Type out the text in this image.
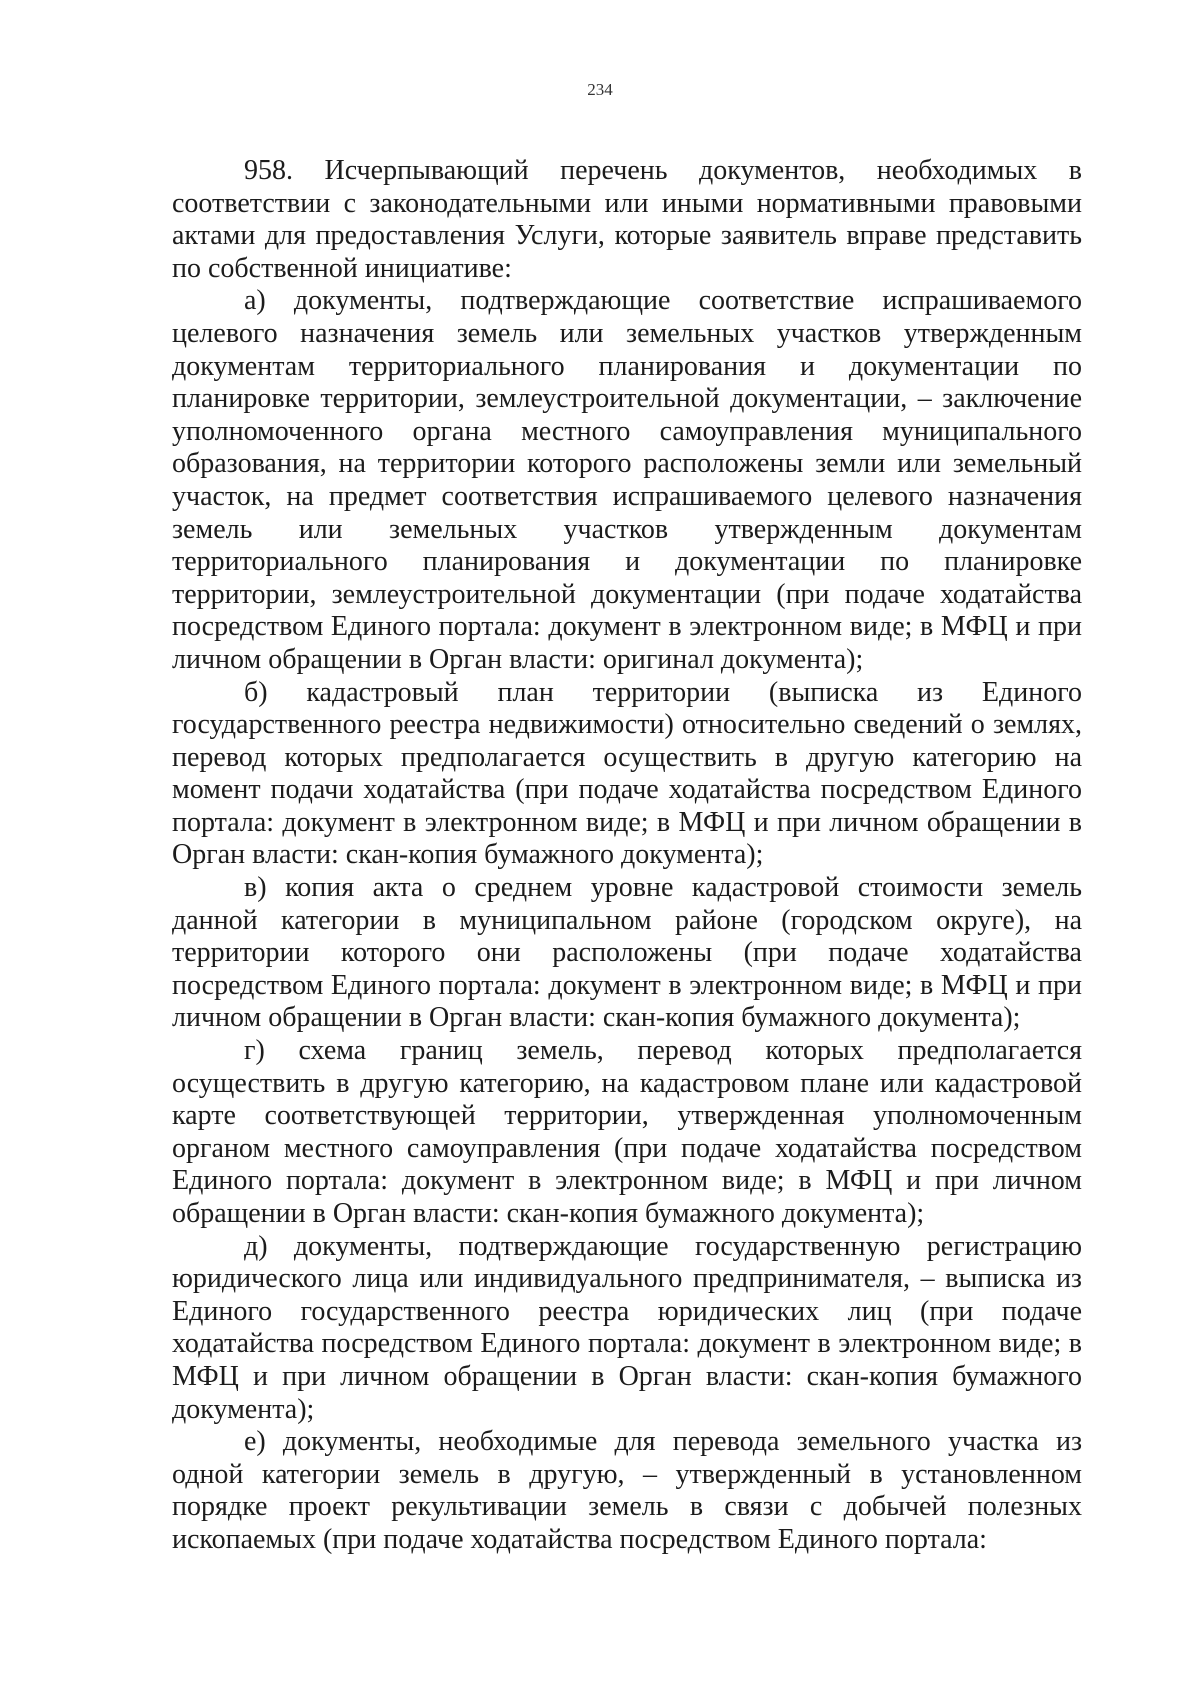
234

958. Исчерпывающий перечень документов, необходимых в соответствии с законодательными или иными нормативными правовыми актами для предоставления Услуги, которые заявитель вправе представить по собственной инициативе:

а) документы, подтверждающие соответствие испрашиваемого целевого назначения земель или земельных участков утвержденным документам территориального планирования и документации по планировке территории, землеустроительной документации, – заключение уполномоченного органа местного самоуправления муниципального образования, на территории которого расположены земли или земельный участок, на предмет соответствия испрашиваемого целевого назначения земель или земельных участков утвержденным документам территориального планирования и документации по планировке территории, землеустроительной документации (при подаче ходатайства посредством Единого портала: документ в электронном виде; в МФЦ и при личном обращении в Орган власти: оригинал документа);

б) кадастровый план территории (выписка из Единого государственного реестра недвижимости) относительно сведений о землях, перевод которых предполагается осуществить в другую категорию на момент подачи ходатайства (при подаче ходатайства посредством Единого портала: документ в электронном виде; в МФЦ и при личном обращении в Орган власти: скан-копия бумажного документа);

в) копия акта о среднем уровне кадастровой стоимости земель данной категории в муниципальном районе (городском округе), на территории которого они расположены (при подаче ходатайства посредством Единого портала: документ в электронном виде; в МФЦ и при личном обращении в Орган власти: скан-копия бумажного документа);

г) схема границ земель, перевод которых предполагается осуществить в другую категорию, на кадастровом плане или кадастровой карте соответствующей территории, утвержденная уполномоченным органом местного самоуправления (при подаче ходатайства посредством Единого портала: документ в электронном виде; в МФЦ и при личном обращении в Орган власти: скан-копия бумажного документа);

д) документы, подтверждающие государственную регистрацию юридического лица или индивидуального предпринимателя, – выписка из Единого государственного реестра юридических лиц (при подаче ходатайства посредством Единого портала: документ в электронном виде; в МФЦ и при личном обращении в Орган власти: скан-копия бумажного документа);

е) документы, необходимые для перевода земельного участка из одной категории земель в другую, – утвержденный в установленном порядке проект рекультивации земель в связи с добычей полезных ископаемых (при подаче ходатайства посредством Единого портала:
